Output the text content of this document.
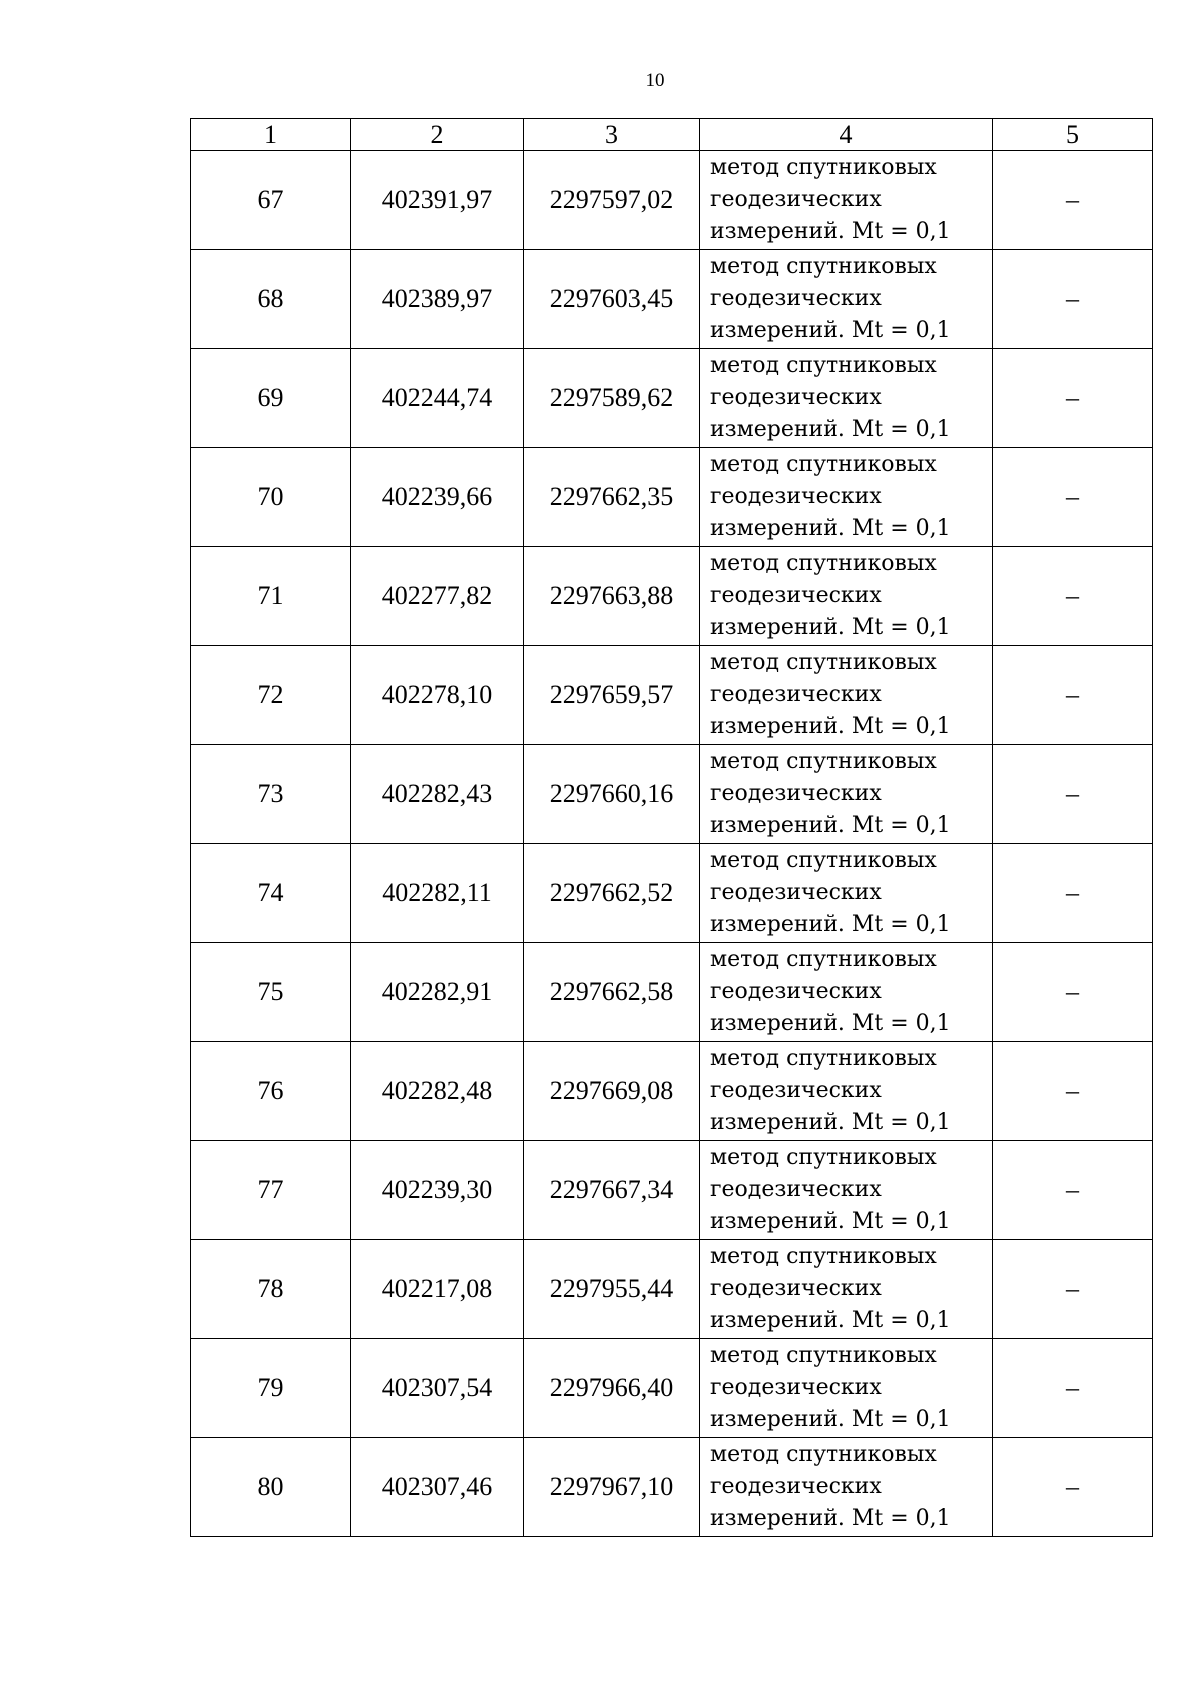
10
1	2	3	4	5
67	402391,97	2297597,02	метод спутниковых
геодезических
измерений. Mt = 0,1	–
68	402389,97	2297603,45	метод спутниковых
геодезических
измерений. Mt = 0,1	–
69	402244,74	2297589,62	метод спутниковых
геодезических
измерений. Mt = 0,1	–
70	402239,66	2297662,35	метод спутниковых
геодезических
измерений. Mt = 0,1	–
71	402277,82	2297663,88	метод спутниковых
геодезических
измерений. Mt = 0,1	–
72	402278,10	2297659,57	метод спутниковых
геодезических
измерений. Mt = 0,1	–
73	402282,43	2297660,16	метод спутниковых
геодезических
измерений. Mt = 0,1	–
74	402282,11	2297662,52	метод спутниковых
геодезических
измерений. Mt = 0,1	–
75	402282,91	2297662,58	метод спутниковых
геодезических
измерений. Mt = 0,1	–
76	402282,48	2297669,08	метод спутниковых
геодезических
измерений. Mt = 0,1	–
77	402239,30	2297667,34	метод спутниковых
геодезических
измерений. Mt = 0,1	–
78	402217,08	2297955,44	метод спутниковых
геодезических
измерений. Mt = 0,1	–
79	402307,54	2297966,40	метод спутниковых
геодезических
измерений. Mt = 0,1	–
80	402307,46	2297967,10	метод спутниковых
геодезических
измерений. Mt = 0,1	–
